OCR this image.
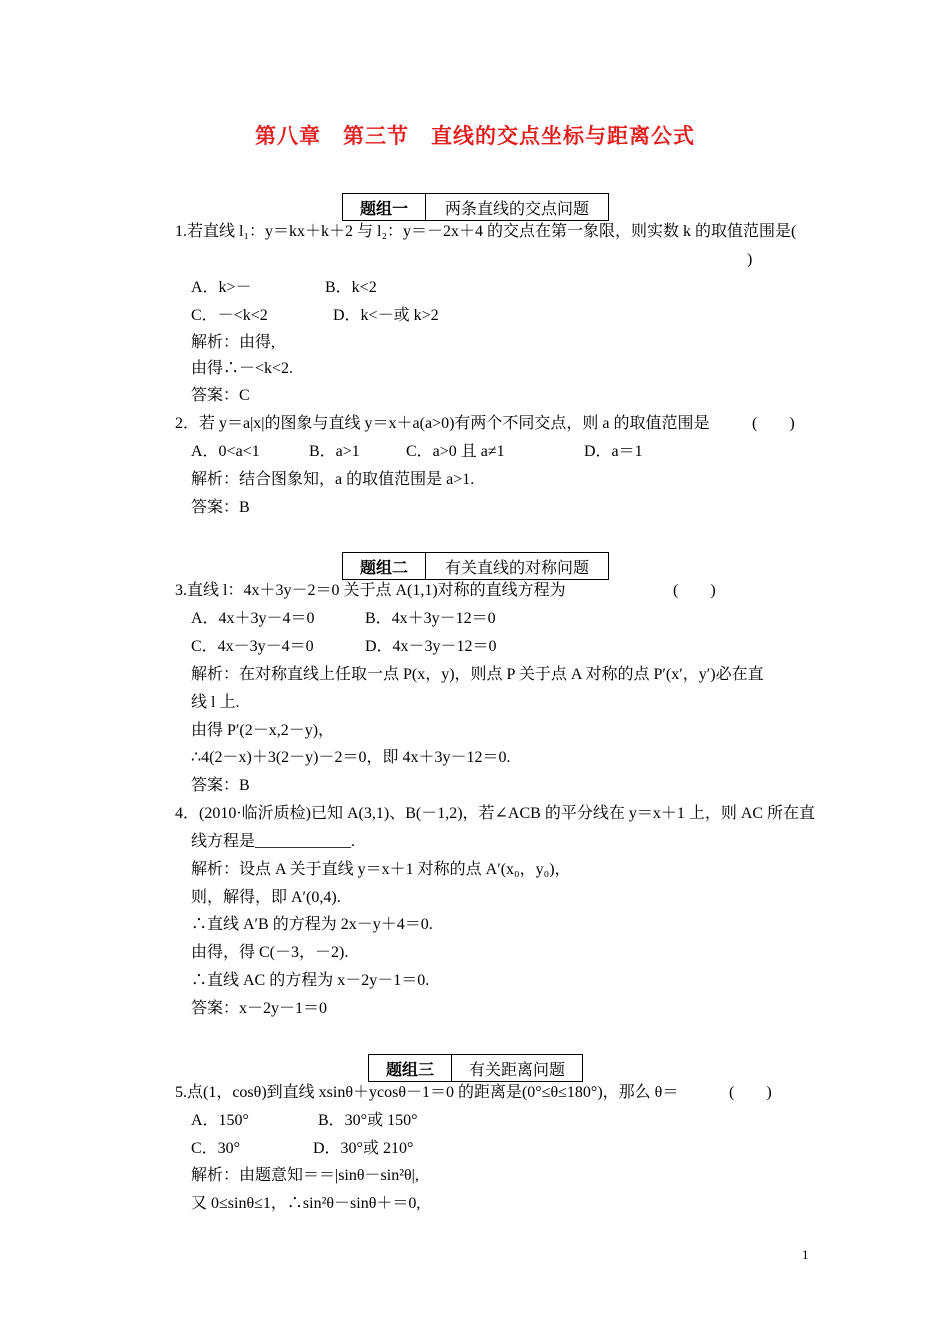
第八章　第三节　直线的交点坐标与距离公式
题组一	两条直线的交点问题
题组二	有关直线的对称问题
题组三	有关距离问题
1.若直线 l₁：y＝kx＋k＋2 与 l₂：y＝－2x＋4 的交点在第一象限，则实数 k 的取值范围是(
)
A．k>－	B．k<2
C．－<k<2	D．k<－或 k>2
解析：由得,
由得∴－<k<2.
答案：C
2．若 y＝a|x|的图象与直线 y＝x＋a(a>0)有两个不同交点，则 a 的取值范围是	(　　)
A．0<a<1	B．a>1	C．a>0 且 a≠1	D．a＝1
解析：结合图象知，a 的取值范围是 a>1.
答案：B
3.直线 l：4x＋3y－2＝0 关于点 A(1,1)对称的直线方程为	(　　)
A．4x＋3y－4＝0	B．4x＋3y－12＝0
C．4x－3y－4＝0	D．4x－3y－12＝0
解析：在对称直线上任取一点 P(x，y)，则点 P 关于点 A 对称的点 P′(x′，y′)必在直
线 l 上.
由得 P′(2－x,2－y)，
∴4(2－x)＋3(2－y)－2＝0，即 4x＋3y－12＝0.
答案：B
4．(2010·临沂质检)已知 A(3,1)、B(－1,2)，若∠ACB 的平分线在 y＝x＋1 上，则 AC 所在直
线方程是____________.
解析：设点 A 关于直线 y＝x＋1 对称的点 A′(x₀，y₀)，
则，解得，即 A′(0,4).
∴直线 A′B 的方程为 2x－y＋4＝0.
由得，得 C(－3，－2).
∴直线 AC 的方程为 x－2y－1＝0.
答案：x－2y－1＝0
5.点(1，cosθ)到直线 xsinθ＋ycosθ－1＝0 的距离是(0°≤θ≤180°)，那么 θ＝	(　　)
A．150°	B．30°或 150°
C．30°	D．30°或 210°
解析：由题意知＝＝|sinθ－sin²θ|,
又 0≤sinθ≤1，∴sin²θ－sinθ＋＝0,
1
